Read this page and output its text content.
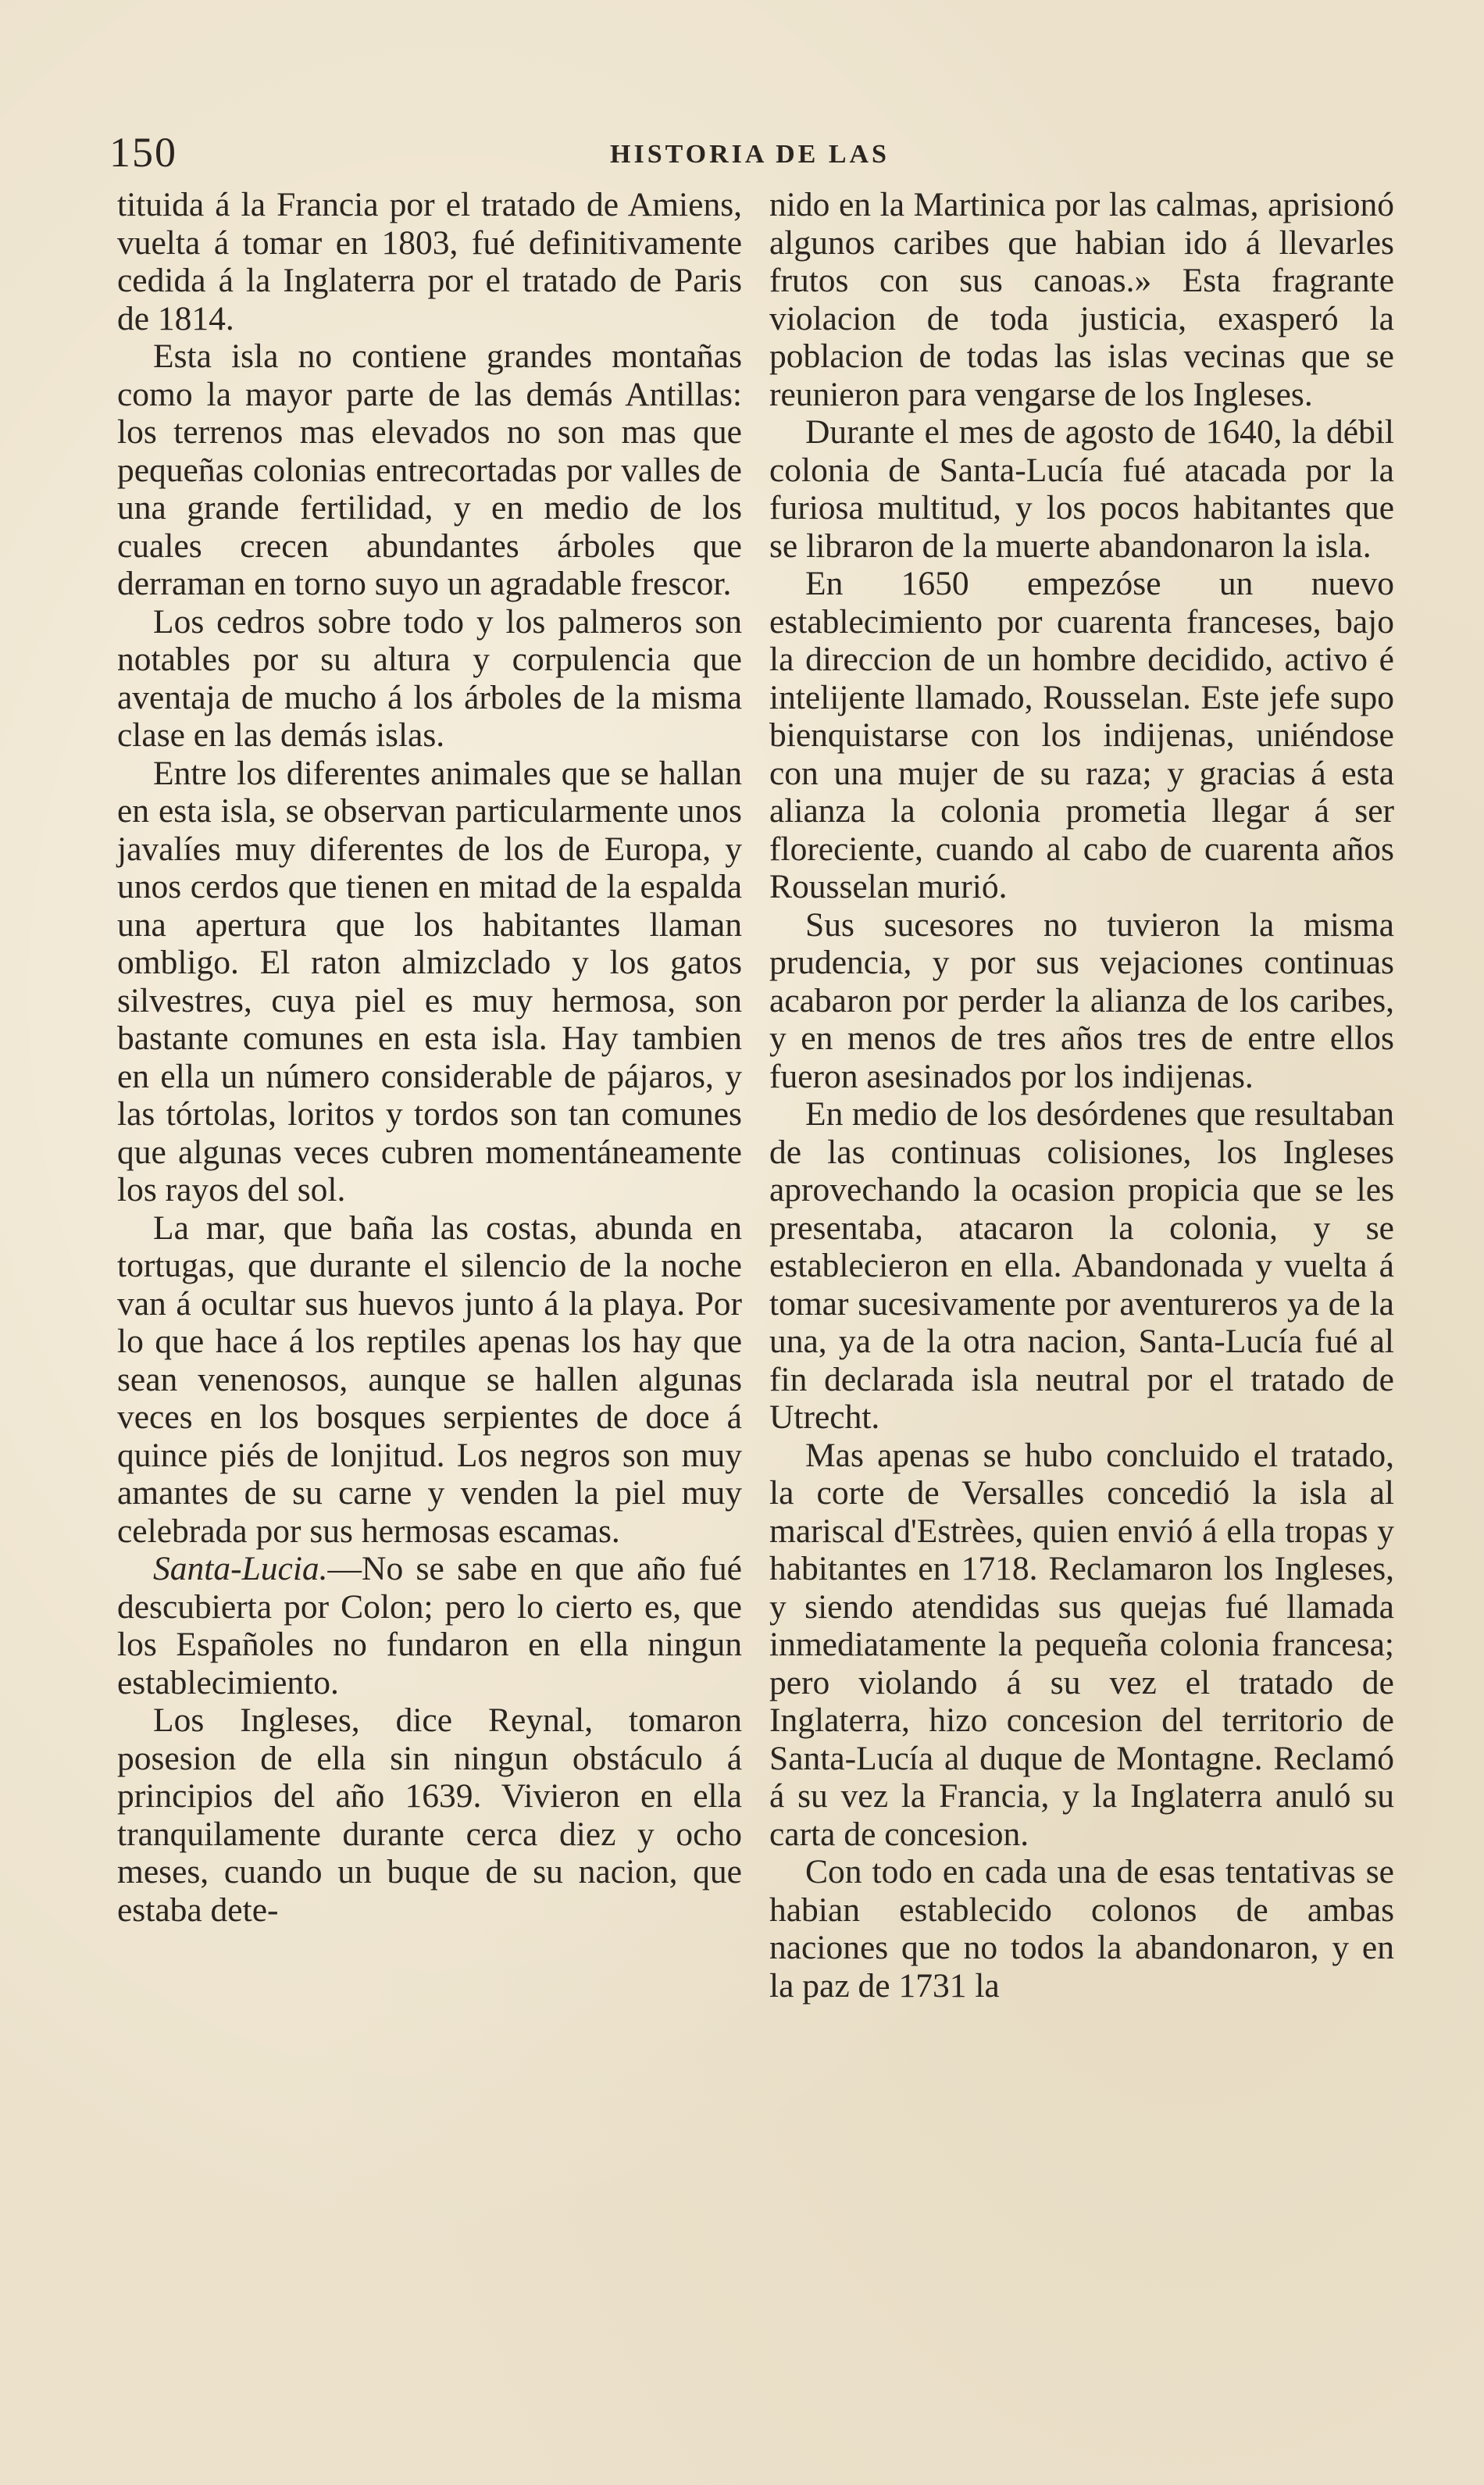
150	HISTORIA DE LAS

tituida á la Francia por el tratado de Amiens, vuelta á tomar en 1803, fué definitivamente cedida á la Inglaterra por el tratado de Paris de 1814.

Esta isla no contiene grandes montañas como la mayor parte de las demás Antillas: los terrenos mas elevados no son mas que pequeñas colonias entrecortadas por valles de una grande fertilidad, y en medio de los cuales crecen abundantes árboles que derraman en torno suyo un agradable frescor.

Los cedros sobre todo y los palmeros son notables por su altura y corpulencia que aventaja de mucho á los árboles de la misma clase en las demás islas.

Entre los diferentes animales que se hallan en esta isla, se observan particularmente unos javalíes muy diferentes de los de Europa, y unos cerdos que tienen en mitad de la espalda una apertura que los habitantes llaman ombligo. El raton almizclado y los gatos silvestres, cuya piel es muy hermosa, son bastante comunes en esta isla. Hay tambien en ella un número considerable de pájaros, y las tórtolas, loritos y tordos son tan comunes que algunas veces cubren momentáneamente los rayos del sol.

La mar, que baña las costas, abunda en tortugas, que durante el silencio de la noche van á ocultar sus huevos junto á la playa. Por lo que hace á los reptiles apenas los hay que sean venenosos, aunque se hallen algunas veces en los bosques serpientes de doce á quince piés de lonjitud. Los negros son muy amantes de su carne y venden la piel muy celebrada por sus hermosas escamas.

Santa-Lucia.—No se sabe en que año fué descubierta por Colon; pero lo cierto es, que los Españoles no fundaron en ella ningun establecimiento.

Los Ingleses, dice Reynal, tomaron posesion de ella sin ningun obstáculo á principios del año 1639. Vivieron en ella tranquilamente durante cerca diez y ocho meses, cuando un buque de su nacion, que estaba dete-

nido en la Martinica por las calmas, aprisionó algunos caribes que habian ido á llevarles frutos con sus canoas.» Esta fragrante violacion de toda justicia, exasperó la poblacion de todas las islas vecinas que se reunieron para vengarse de los Ingleses.

Durante el mes de agosto de 1640, la débil colonia de Santa-Lucía fué atacada por la furiosa multitud, y los pocos habitantes que se libraron de la muerte abandonaron la isla.

En 1650 empezóse un nuevo establecimiento por cuarenta franceses, bajo la direccion de un hombre decidido, activo é intelijente llamado, Rousselan. Este jefe supo bienquistarse con los indijenas, uniéndose con una mujer de su raza; y gracias á esta alianza la colonia prometia llegar á ser floreciente, cuando al cabo de cuarenta años Rousselan murió.

Sus sucesores no tuvieron la misma prudencia, y por sus vejaciones continuas acabaron por perder la alianza de los caribes, y en menos de tres años tres de entre ellos fueron asesinados por los indijenas.

En medio de los desórdenes que resultaban de las continuas colisiones, los Ingleses aprovechando la ocasion propicia que se les presentaba, atacaron la colonia, y se establecieron en ella. Abandonada y vuelta á tomar sucesivamente por aventureros ya de la una, ya de la otra nacion, Santa-Lucía fué al fin declarada isla neutral por el tratado de Utrecht.

Mas apenas se hubo concluido el tratado, la corte de Versalles concedió la isla al mariscal d'Estrèes, quien envió á ella tropas y habitantes en 1718. Reclamaron los Ingleses, y siendo atendidas sus quejas fué llamada inmediatamente la pequeña colonia francesa; pero violando á su vez el tratado de Inglaterra, hizo concesion del territorio de Santa-Lucía al duque de Montagne. Reclamó á su vez la Francia, y la Inglaterra anuló su carta de concesion.

Con todo en cada una de esas tentativas se habian establecido colonos de ambas naciones que no todos la abandonaron, y en la paz de 1731 la
